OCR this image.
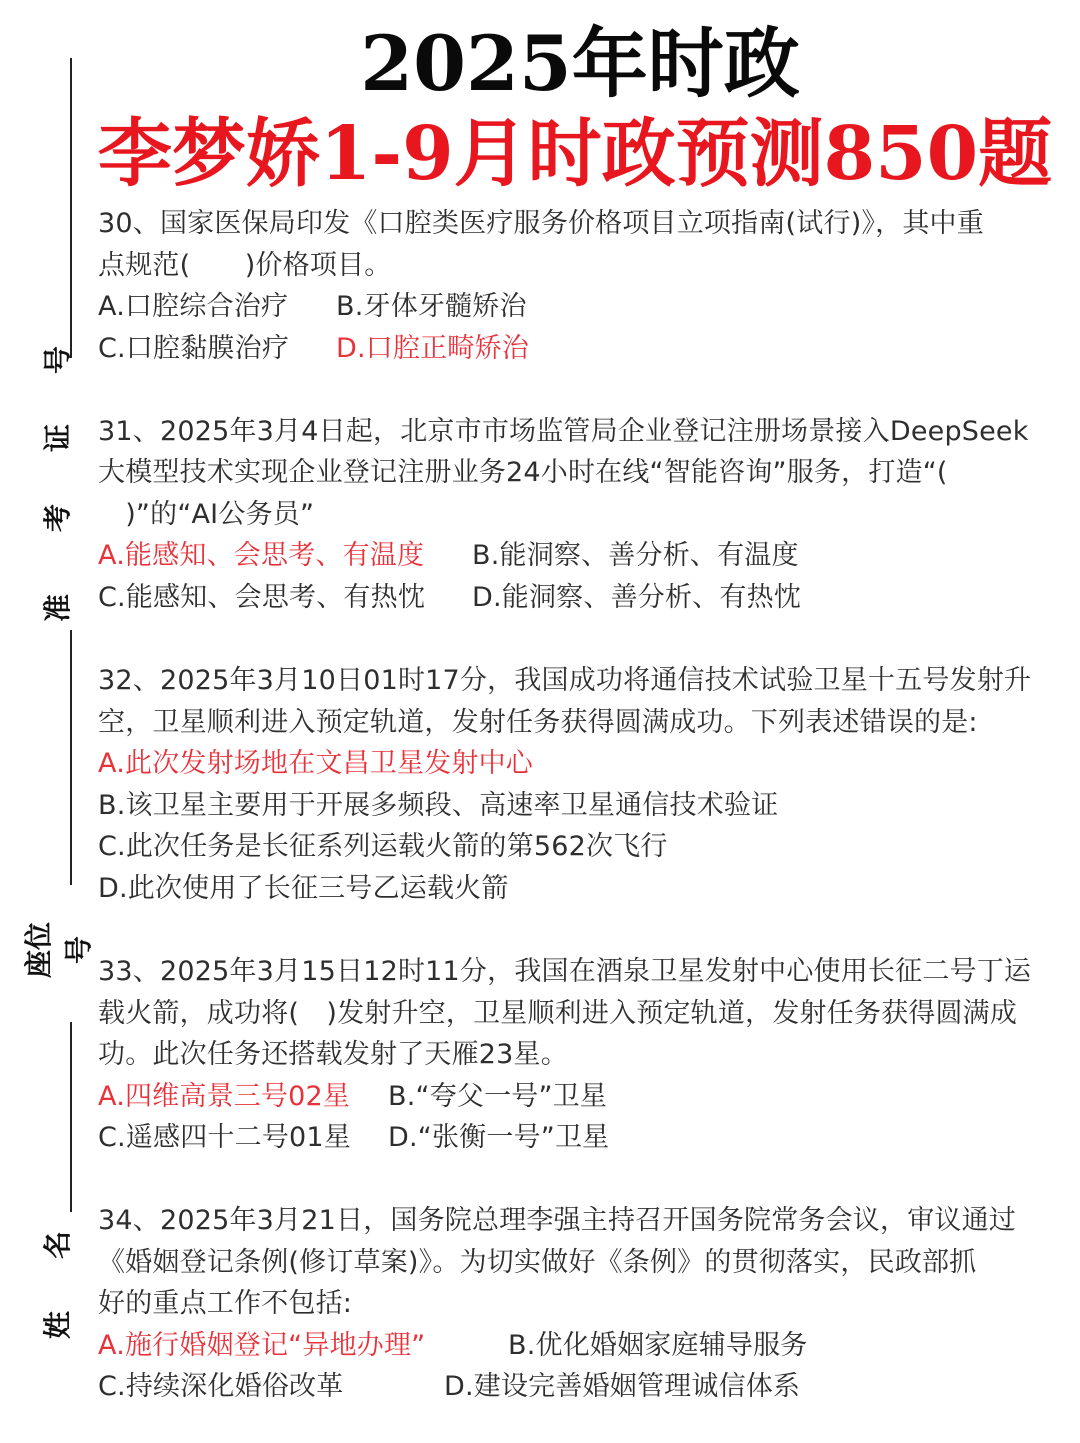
2025年时政
李梦娇1-9月时政预测850题
号
证
考
准
座位号
名
姓
30、国家医保局印发《口腔类医疗服务价格项目立项指南(试行)》，其中重
点规范(　　)价格项目。
A.口腔综合治疗 B.牙体牙髓矫治
C.口腔黏膜治疗 D.口腔正畸矫治
31、2025年3月4日起，北京市市场监管局企业登记注册场景接入DeepSeek
大模型技术实现企业登记注册业务24小时在线“智能咨询”服务，打造“(
　)”的“AI公务员”
A.能感知、会思考、有温度 B.能洞察、善分析、有温度
C.能感知、会思考、有热忱 D.能洞察、善分析、有热忱
32、2025年3月10日01时17分，我国成功将通信技术试验卫星十五号发射升
空，卫星顺利进入预定轨道，发射任务获得圆满成功。下列表述错误的是:
A.此次发射场地在文昌卫星发射中心
B.该卫星主要用于开展多频段、高速率卫星通信技术验证
C.此次任务是长征系列运载火箭的第562次飞行
D.此次使用了长征三号乙运载火箭
33、2025年3月15日12时11分，我国在酒泉卫星发射中心使用长征二号丁运
载火箭，成功将(　)发射升空，卫星顺利进入预定轨道，发射任务获得圆满成
功。此次任务还搭载发射了天雁23星。
A.四维高景三号02星 B.“夸父一号”卫星
C.遥感四十二号01星 D.“张衡一号”卫星
34、2025年3月21日，国务院总理李强主持召开国务院常务会议，审议通过
《婚姻登记条例(修订草案)》。为切实做好《条例》的贯彻落实，民政部抓
好的重点工作不包括:
A.施行婚姻登记“异地办理”	B.优化婚姻家庭辅导服务
C.持续深化婚俗改革	D.建设完善婚姻管理诚信体系
